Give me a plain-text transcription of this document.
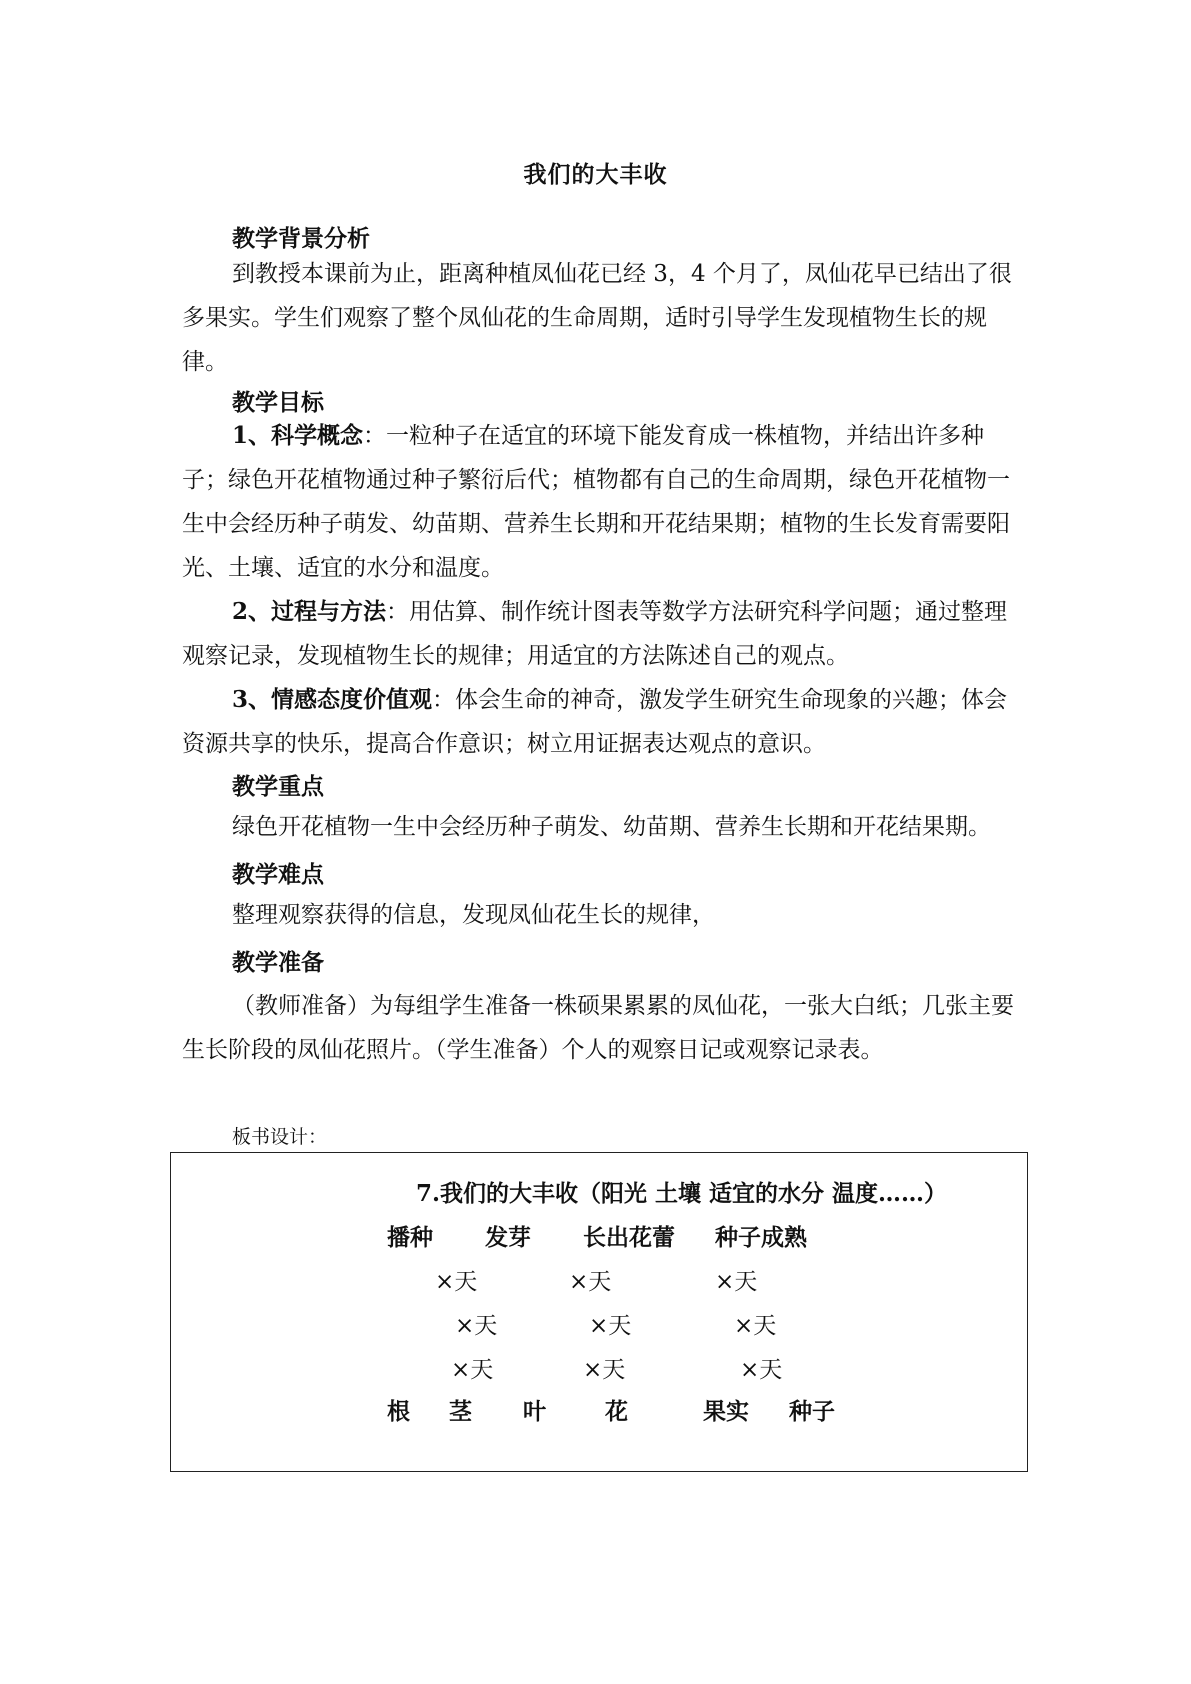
我们的大丰收
教学背景分析
到教授本课前为止，距离种植凤仙花已经 3，4 个月了，凤仙花早已结出了很多果实。学生们观察了整个凤仙花的生命周期，适时引导学生发现植物生长的规律。
教学目标
1、科学概念：一粒种子在适宜的环境下能发育成一株植物，并结出许多种子；绿色开花植物通过种子繁衍后代；植物都有自己的生命周期，绿色开花植物一生中会经历种子萌发、幼苗期、营养生长期和开花结果期；植物的生长发育需要阳光、土壤、适宜的水分和温度。
2、过程与方法：用估算、制作统计图表等数学方法研究科学问题；通过整理观察记录，发现植物生长的规律；用适宜的方法陈述自己的观点。
3、情感态度价值观：体会生命的神奇，激发学生研究生命现象的兴趣；体会资源共享的快乐，提高合作意识；树立用证据表达观点的意识。
教学重点
绿色开花植物一生中会经历种子萌发、幼苗期、营养生长期和开花结果期。
教学难点
整理观察获得的信息，发现凤仙花生长的规律，
教学准备
（教师准备）为每组学生准备一株硕果累累的凤仙花，一张大白纸；几张主要生长阶段的凤仙花照片。（学生准备）个人的观察日记或观察记录表。
板书设计：
7.我们的大丰收（阳光 土壤 适宜的水分 温度……）
播种 发芽 长出花蕾 种子成熟
×天	×天	×天
×天	×天	×天
×天	×天	×天
根 茎 叶	花	果实 种子
